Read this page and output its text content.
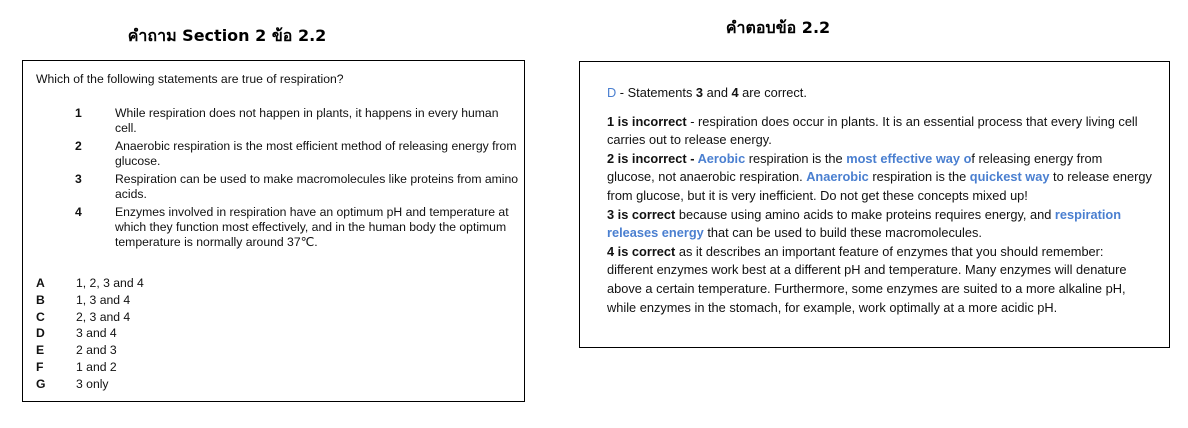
คำถาม Section 2 ข้อ 2.2	คำตอบข้อ 2.2
Which of the following statements are true of respiration?
1	While respiration does not happen in plants, it happens in every human cell.
2	Anaerobic respiration is the most efficient method of releasing energy from glucose.
3	Respiration can be used to make macromolecules like proteins from amino acids.
4	Enzymes involved in respiration have an optimum pH and temperature at which they function most effectively, and in the human body the optimum temperature is normally around 37℃.
A	1, 2, 3 and 4
B	1, 3 and 4
C	2, 3 and 4
D	3 and 4
E	2 and 3
F	1 and 2
G	3 only
D - Statements 3 and 4 are correct.

1 is incorrect - respiration does occur in plants. It is an essential process that every living cell carries out to release energy.

2 is incorrect - Aerobic respiration is the most effective way of releasing energy from glucose, not anaerobic respiration. Anaerobic respiration is the quickest way to release energy from glucose, but it is very inefficient. Do not get these concepts mixed up!

3 is correct because using amino acids to make proteins requires energy, and respiration releases energy that can be used to build these macromolecules.

4 is correct as it describes an important feature of enzymes that you should remember: different enzymes work best at a different pH and temperature. Many enzymes will denature above a certain temperature. Furthermore, some enzymes are suited to a more alkaline pH, while enzymes in the stomach, for example, work optimally at a more acidic pH.
